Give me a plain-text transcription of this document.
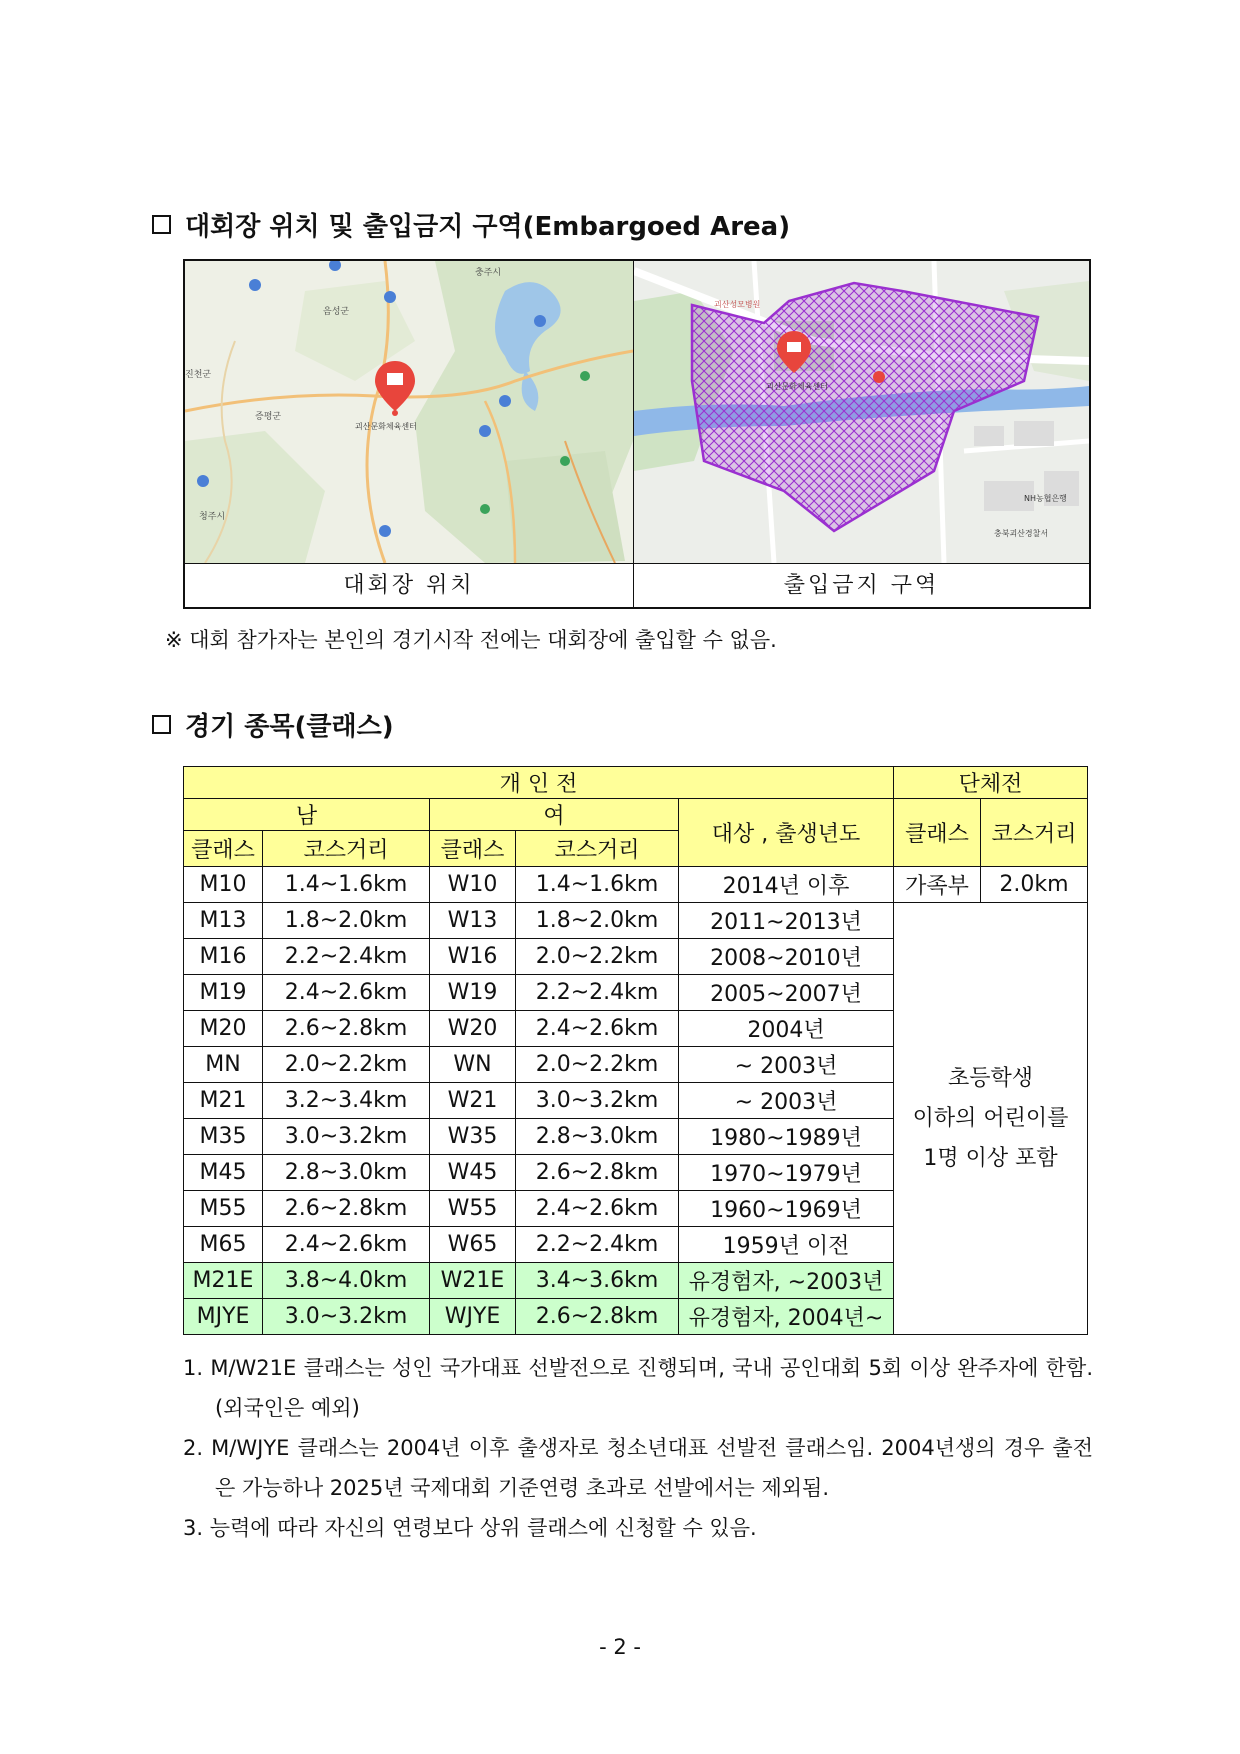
대회장 위치 및 출입금지 구역(Embargoed Area)
충주시
음성군
진천군
증평군
청주시
괴산문화체육센터
괴산성모병원
괴산문화체육센터
NH농협은행
충북괴산경찰서
대회장 위치	출입금지 구역
※ 대회 참가자는 본인의 경기시작 전에는 대회장에 출입할 수 없음.
경기 종목(클래스)
개 인 전					단체전	
남		여		대상 , 출생년도	클래스	코스거리
클래스	코스거리	클래스	코스거리			
M10	1.4~1.6km	W10	1.4~1.6km	2014년 이후	가족부	2.0km
M13	1.8~2.0km	W13	1.8~2.0km	2011~2013년	초등학생
이하의 어린이를
1명 이상 포함	

M16	2.2~2.4km	W16	2.0~2.2km	2008~2010년		
M19	2.4~2.6km	W19	2.2~2.4km	2005~2007년		
M20	2.6~2.8km	W20	2.4~2.6km	2004년		
MN	2.0~2.2km	WN	2.0~2.2km	~ 2003년		
M21	3.2~3.4km	W21	3.0~3.2km	~ 2003년		
M35	3.0~3.2km	W35	2.8~3.0km	1980~1989년		
M45	2.8~3.0km	W45	2.6~2.8km	1970~1979년		
M55	2.6~2.8km	W55	2.4~2.6km	1960~1969년		
M65	2.4~2.6km	W65	2.2~2.4km	1959년 이전		
M21E	3.8~4.0km	W21E	3.4~3.6km	유경험자, ~2003년		
MJYE	3.0~3.2km	WJYE	2.6~2.8km	유경험자, 2004년~		
1. M/W21E 클래스는 성인 국가대표 선발전으로 진행되며, 국내 공인대회 5회 이상 완주자에 한함.(외국인은 예외)
2. M/WJYE 클래스는 2004년 이후 출생자로 청소년대표 선발전 클래스임. 2004년생의 경우 출전은 가능하나 2025년 국제대회 기준연령 초과로 선발에서는 제외됨.
3. 능력에 따라 자신의 연령보다 상위 클래스에 신청할 수 있음.
- 2 -
